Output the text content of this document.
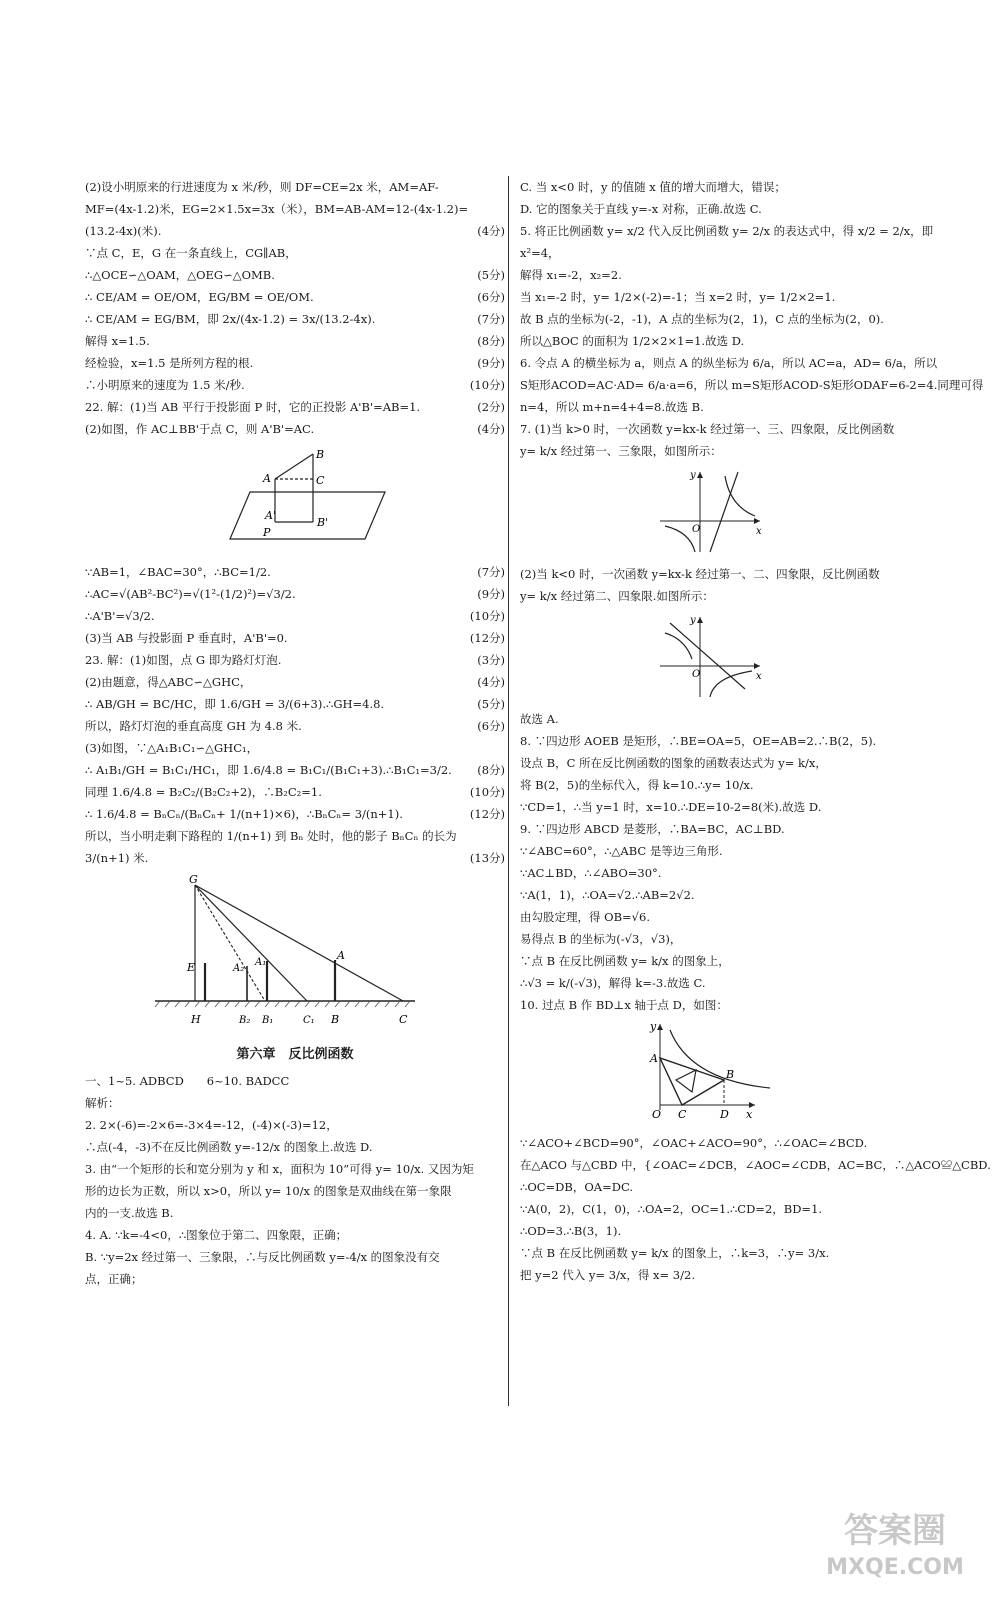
(2)设小明原来的行进速度为 x 米/秒，则 DF=CE=2x 米，AM=AF-
MF=(4x-1.2)米，EG=2×1.5x=3x（米），BM=AB-AM=12-(4x-1.2)=
(13.2-4x)(米).	(4分)
∵点 C，E，G 在一条直线上，CG∥AB，
∴△OCE∽△OAM，△OEG∽△OMB.	(5分)
∴ CE/AM = OE/OM，EG/BM = OE/OM.	(6分)
∴ CE/AM = EG/BM，即 2x/(4x-1.2) = 3x/(13.2-4x).	(7分)
解得 x=1.5.	(8分)
经检验，x=1.5 是所列方程的根.	(9分)
∴小明原来的速度为 1.5 米/秒.	(10分)
22. 解：(1)当 AB 平行于投影面 P 时，它的正投影 A'B'=AB=1.	(2分)
(2)如图，作 AC⊥BB'于点 C，则 A'B'=AC.	(4分)
A
B
C
A'
B'
P
∵AB=1，∠BAC=30°，∴BC=1/2.	(7分)
∴AC=√(AB²-BC²)=√(1²-(1/2)²)=√3/2.	(9分)
∴A'B'=√3/2.	(10分)
(3)当 AB 与投影面 P 垂直时，A'B'=0.	(12分)
23. 解：(1)如图，点 G 即为路灯灯泡.	(3分)
(2)由题意，得△ABC∽△GHC，	(4分)
∴ AB/GH = BC/HC，即 1.6/GH = 3/(6+3).∴GH=4.8.	(5分)
所以，路灯灯泡的垂直高度 GH 为 4.8 米.	(6分)
(3)如图，∵△A₁B₁C₁∽△GHC₁，
∴ A₁B₁/GH = B₁C₁/HC₁，即 1.6/4.8 = B₁C₁/(B₁C₁+3).∴B₁C₁=3/2. (8分)
同理 1.6/4.8 = B₂C₂/(B₂C₂+2)，∴B₂C₂=1.	(10分)
∴ 1.6/4.8 = BₙCₙ/(BₙCₙ+ 1/(n+1)×6)，∴BₙCₙ= 3/(n+1).	(12分)
所以，当小明走剩下路程的 1/(n+1) 到 Bₙ 处时，他的影子 BₙCₙ 的长为
3/(n+1) 米.	(13分)
G
E	A₂
A₁
A
H	B₂ B₁	C₁ B	C
第六章　反比例函数
一、1~5. ADBCD　　6~10. BADCC
解析：
2. 2×(-6)=-2×6=-3×4=-12，(-4)×(-3)=12，
∴点(-4，-3)不在反比例函数 y=-12/x 的图象上.故选 D.
3. 由“一个矩形的长和宽分别为 y 和 x，面积为 10”可得 y= 10/x. 又因为矩
形的边长为正数，所以 x>0，所以 y= 10/x 的图象是双曲线在第一象限
内的一支.故选 B.
4. A. ∵k=-4<0，∴图象位于第二、四象限，正确；
B. ∵y=2x 经过第一、三象限，∴与反比例函数 y=-4/x 的图象没有交
点，正确；
C. 当 x<0 时，y 的值随 x 值的增大而增大，错误；
D. 它的图象关于直线 y=-x 对称，正确.故选 C.
5. 将正比例函数 y= x/2 代入反比例函数 y= 2/x 的表达式中，得 x/2 = 2/x，即
x²=4，
解得 x₁=-2，x₂=2.
当 x₁=-2 时，y= 1/2×(-2)=-1；当 x=2 时，y= 1/2×2=1.
故 B 点的坐标为(-2，-1)，A 点的坐标为(2，1)，C 点的坐标为(2，0).
所以△BOC 的面积为 1/2×2×1=1.故选 D.
6. 令点 A 的横坐标为 a，则点 A 的纵坐标为 6/a，所以 AC=a，AD= 6/a，所以
S矩形ACOD=AC·AD= 6/a·a=6，所以 m=S矩形ACOD-S矩形ODAF=6-2=4.同理可得
n=4，所以 m+n=4+4=8.故选 B.
7. (1)当 k>0 时，一次函数 y=kx-k 经过第一、三、四象限，反比例函数
y= k/x 经过第一、三象限，如图所示：
y
x
O
(2)当 k<0 时，一次函数 y=kx-k 经过第一、二、四象限，反比例函数
y= k/x 经过第二、四象限.如图所示：
y
x
O
故选 A.
8. ∵四边形 AOEB 是矩形，∴BE=OA=5，OE=AB=2.∴B(2，5).
设点 B，C 所在反比例函数的图象的函数表达式为 y= k/x，
将 B(2，5)的坐标代入，得 k=10.∴y= 10/x.
∵CD=1，∴当 y=1 时，x=10.∴DE=10-2=8(米).故选 D.
9. ∵四边形 ABCD 是菱形，∴BA=BC，AC⊥BD.
∵∠ABC=60°，∴△ABC 是等边三角形.
∵AC⊥BD，∴∠ABO=30°.
∵A(1，1)，∴OA=√2.∴AB=2√2.
由勾股定理，得 OB=√6.
易得点 B 的坐标为(-√3，√3)，
∵点 B 在反比例函数 y= k/x 的图象上，
∴√3 = k/(-√3)，解得 k=-3.故选 C.
10. 过点 B 作 BD⊥x 轴于点 D，如图：
y
A
B
O C	D x
∵∠ACO+∠BCD=90°，∠OAC+∠ACO=90°，∴∠OAC=∠BCD.
在△ACO 与△CBD 中，{∠OAC=∠DCB，∠AOC=∠CDB，AC=BC，∴△ACO≌△CBD.
∴OC=DB，OA=DC.
∵A(0，2)，C(1，0)，∴OA=2，OC=1.∴CD=2，BD=1.
∴OD=3.∴B(3，1).
∵点 B 在反比例函数 y= k/x 的图象上，∴k=3，∴y= 3/x.
把 y=2 代入 y= 3/x，得 x= 3/2.
答案圈
MXQE.COM
